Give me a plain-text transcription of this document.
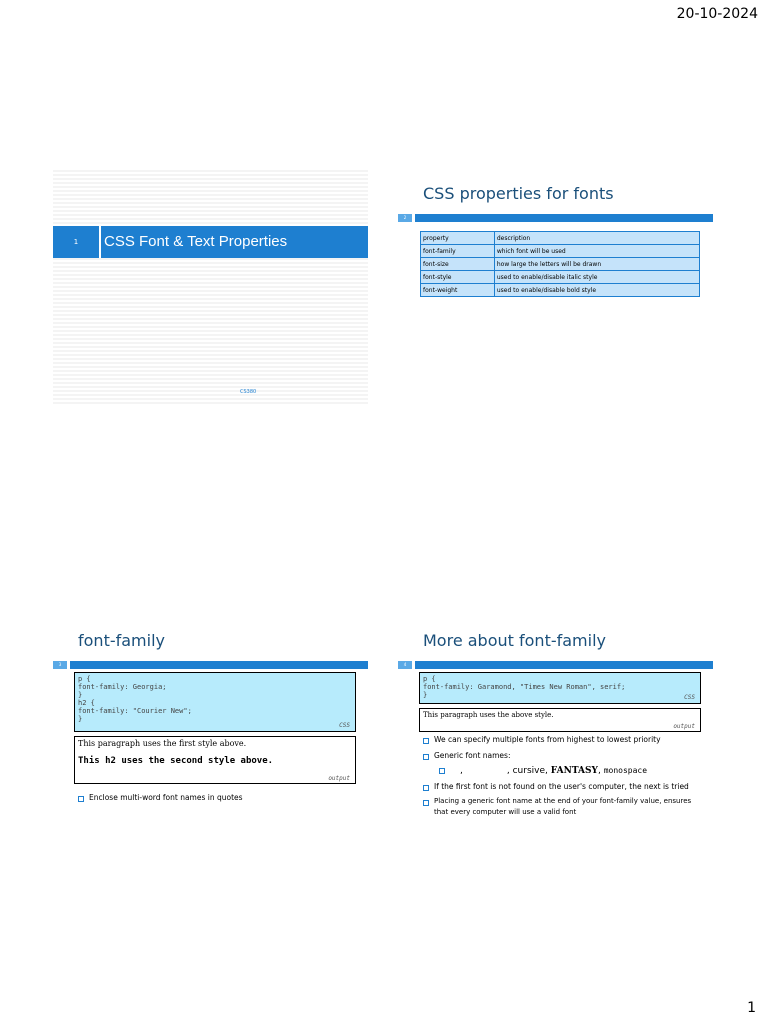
20-10-2024
1	CSS Font & Text Properties
CS380
CSS properties for fonts
2
property	description
font-family	which font will be used
font-size	how large the letters will be drawn
font-style	used to enable/disable italic style
font-weight	used to enable/disable bold style
font-family
3
p {
font-family: Georgia;
}
h2 {
font-family: "Courier New";
}
CSS
This paragraph uses the first style above.
This h2 uses the second style above.
output
Enclose multi-word font names in quotes
More about font-family
4
p {
font-family: Garamond, "Times New Roman", serif;
}	CSS
This paragraph uses the above style.
output
We can specify multiple fonts from highest to lowest priority
Generic font names:
,	, cursive, FANTASY, monospace
If the first font is not found on the user's computer, the next is tried
Placing a generic font name at the end of your font-family value, ensures that every computer will use a valid font
1
